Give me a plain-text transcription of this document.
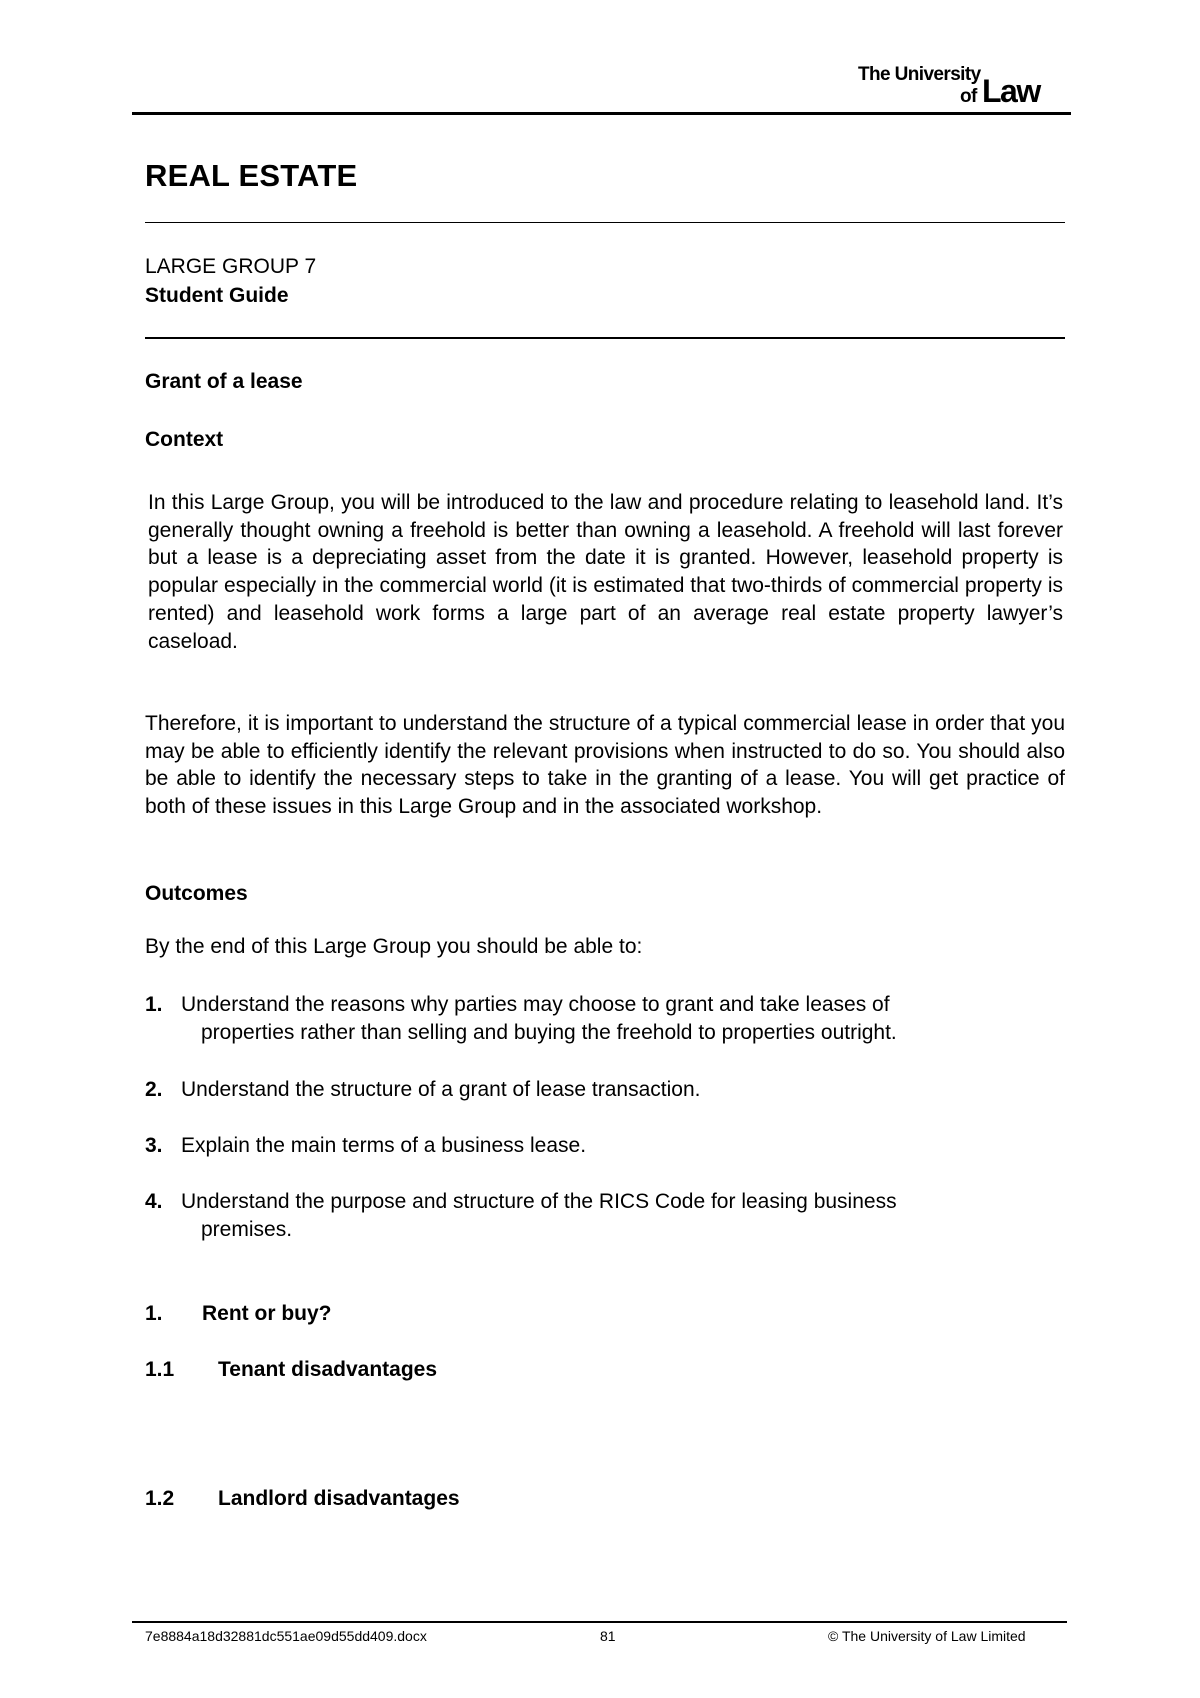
The University
of Law
REAL ESTATE
LARGE GROUP 7
Student Guide
Grant of a lease
Context

In this Large Group, you will be introduced to the law and procedure relating to leasehold land. It’s generally thought owning a freehold is better than owning a leasehold. A freehold will last forever but a lease is a depreciating asset from the date it is granted. However, leasehold property is popular especially in the commercial world (it is estimated that two-thirds of commercial property is rented) and leasehold work forms a large part of an average real estate property lawyer’s caseload.

Therefore, it is important to understand the structure of a typical commercial lease in order that you may be able to efficiently identify the relevant provisions when instructed to do so. You should also be able to identify the necessary steps to take in the granting of a lease. You will get practice of both of these issues in this Large Group and in the associated workshop.

Outcomes
By the end of this Large Group you should be able to:
1. Understand the reasons why parties may choose to grant and take leases of
properties rather than selling and buying the freehold to properties outright.
2. Understand the structure of a grant of lease transaction.
3. Explain the main terms of a business lease.
4. Understand the purpose and structure of the RICS Code for leasing business
premises.
1. Rent or buy?
1.1 Tenant disadvantages
1.2 Landlord disadvantages
7e8884a18d32881dc551ae09d55dd409.docx	81	© The University of Law Limited
